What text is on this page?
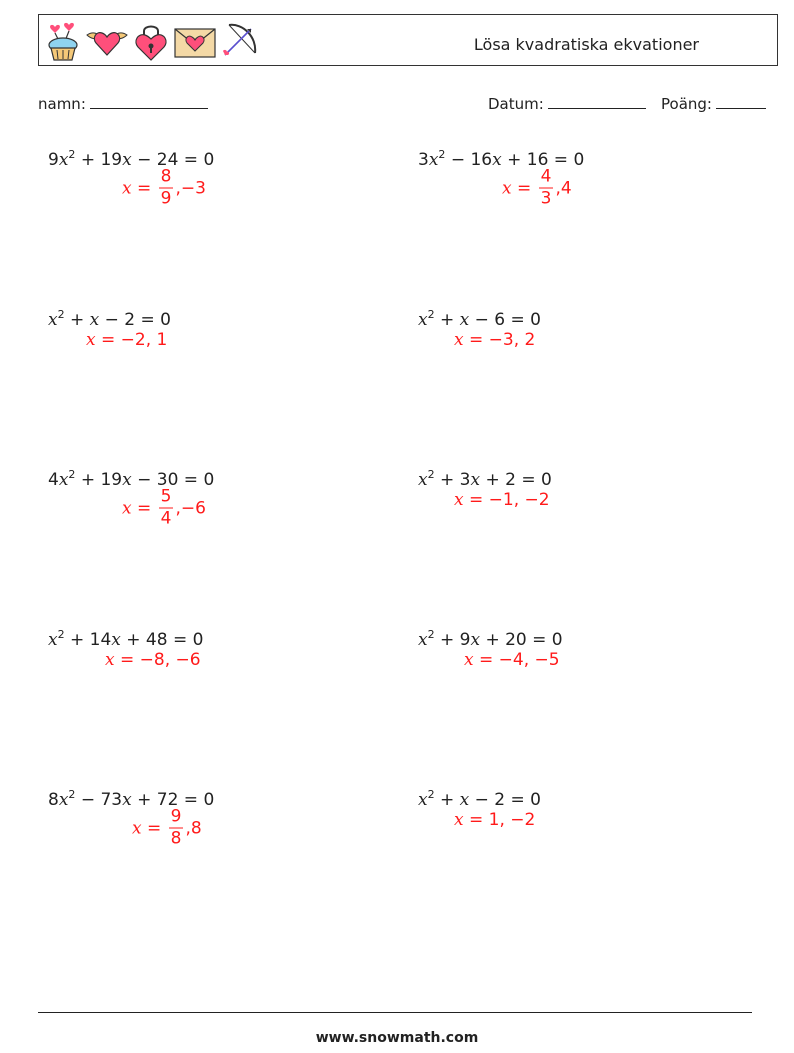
Lösa kvadratiska ekvationer
namn:	Datum:	Poäng:
$9x^2 + 19x - 24 = 0$	$3x^2 - 16x + 16 = 0$
$x^2 + x - 2 = 0$	$x^2 + x - 6 = 0$
$4x^2 + 19x - 30 = 0$	$x^2 + 3x + 2 = 0$
$x^2 + 14x + 48 = 0$	$x^2 + 9x + 20 = 0$
$8x^2 - 73x + 72 = 0$	$x^2 + x - 2 = 0$
www.snowmath.com
$x = \frac{8}{9} ,-3$	$x = \frac{4}{3} ,4$
x = −2, 1	x = −3, 2
$x = \frac{5}{4} ,-6$	x = −1, −2
x = −8, −6	x = −4, −5
$x = \frac{9}{8} ,8$	x = 1, −2
